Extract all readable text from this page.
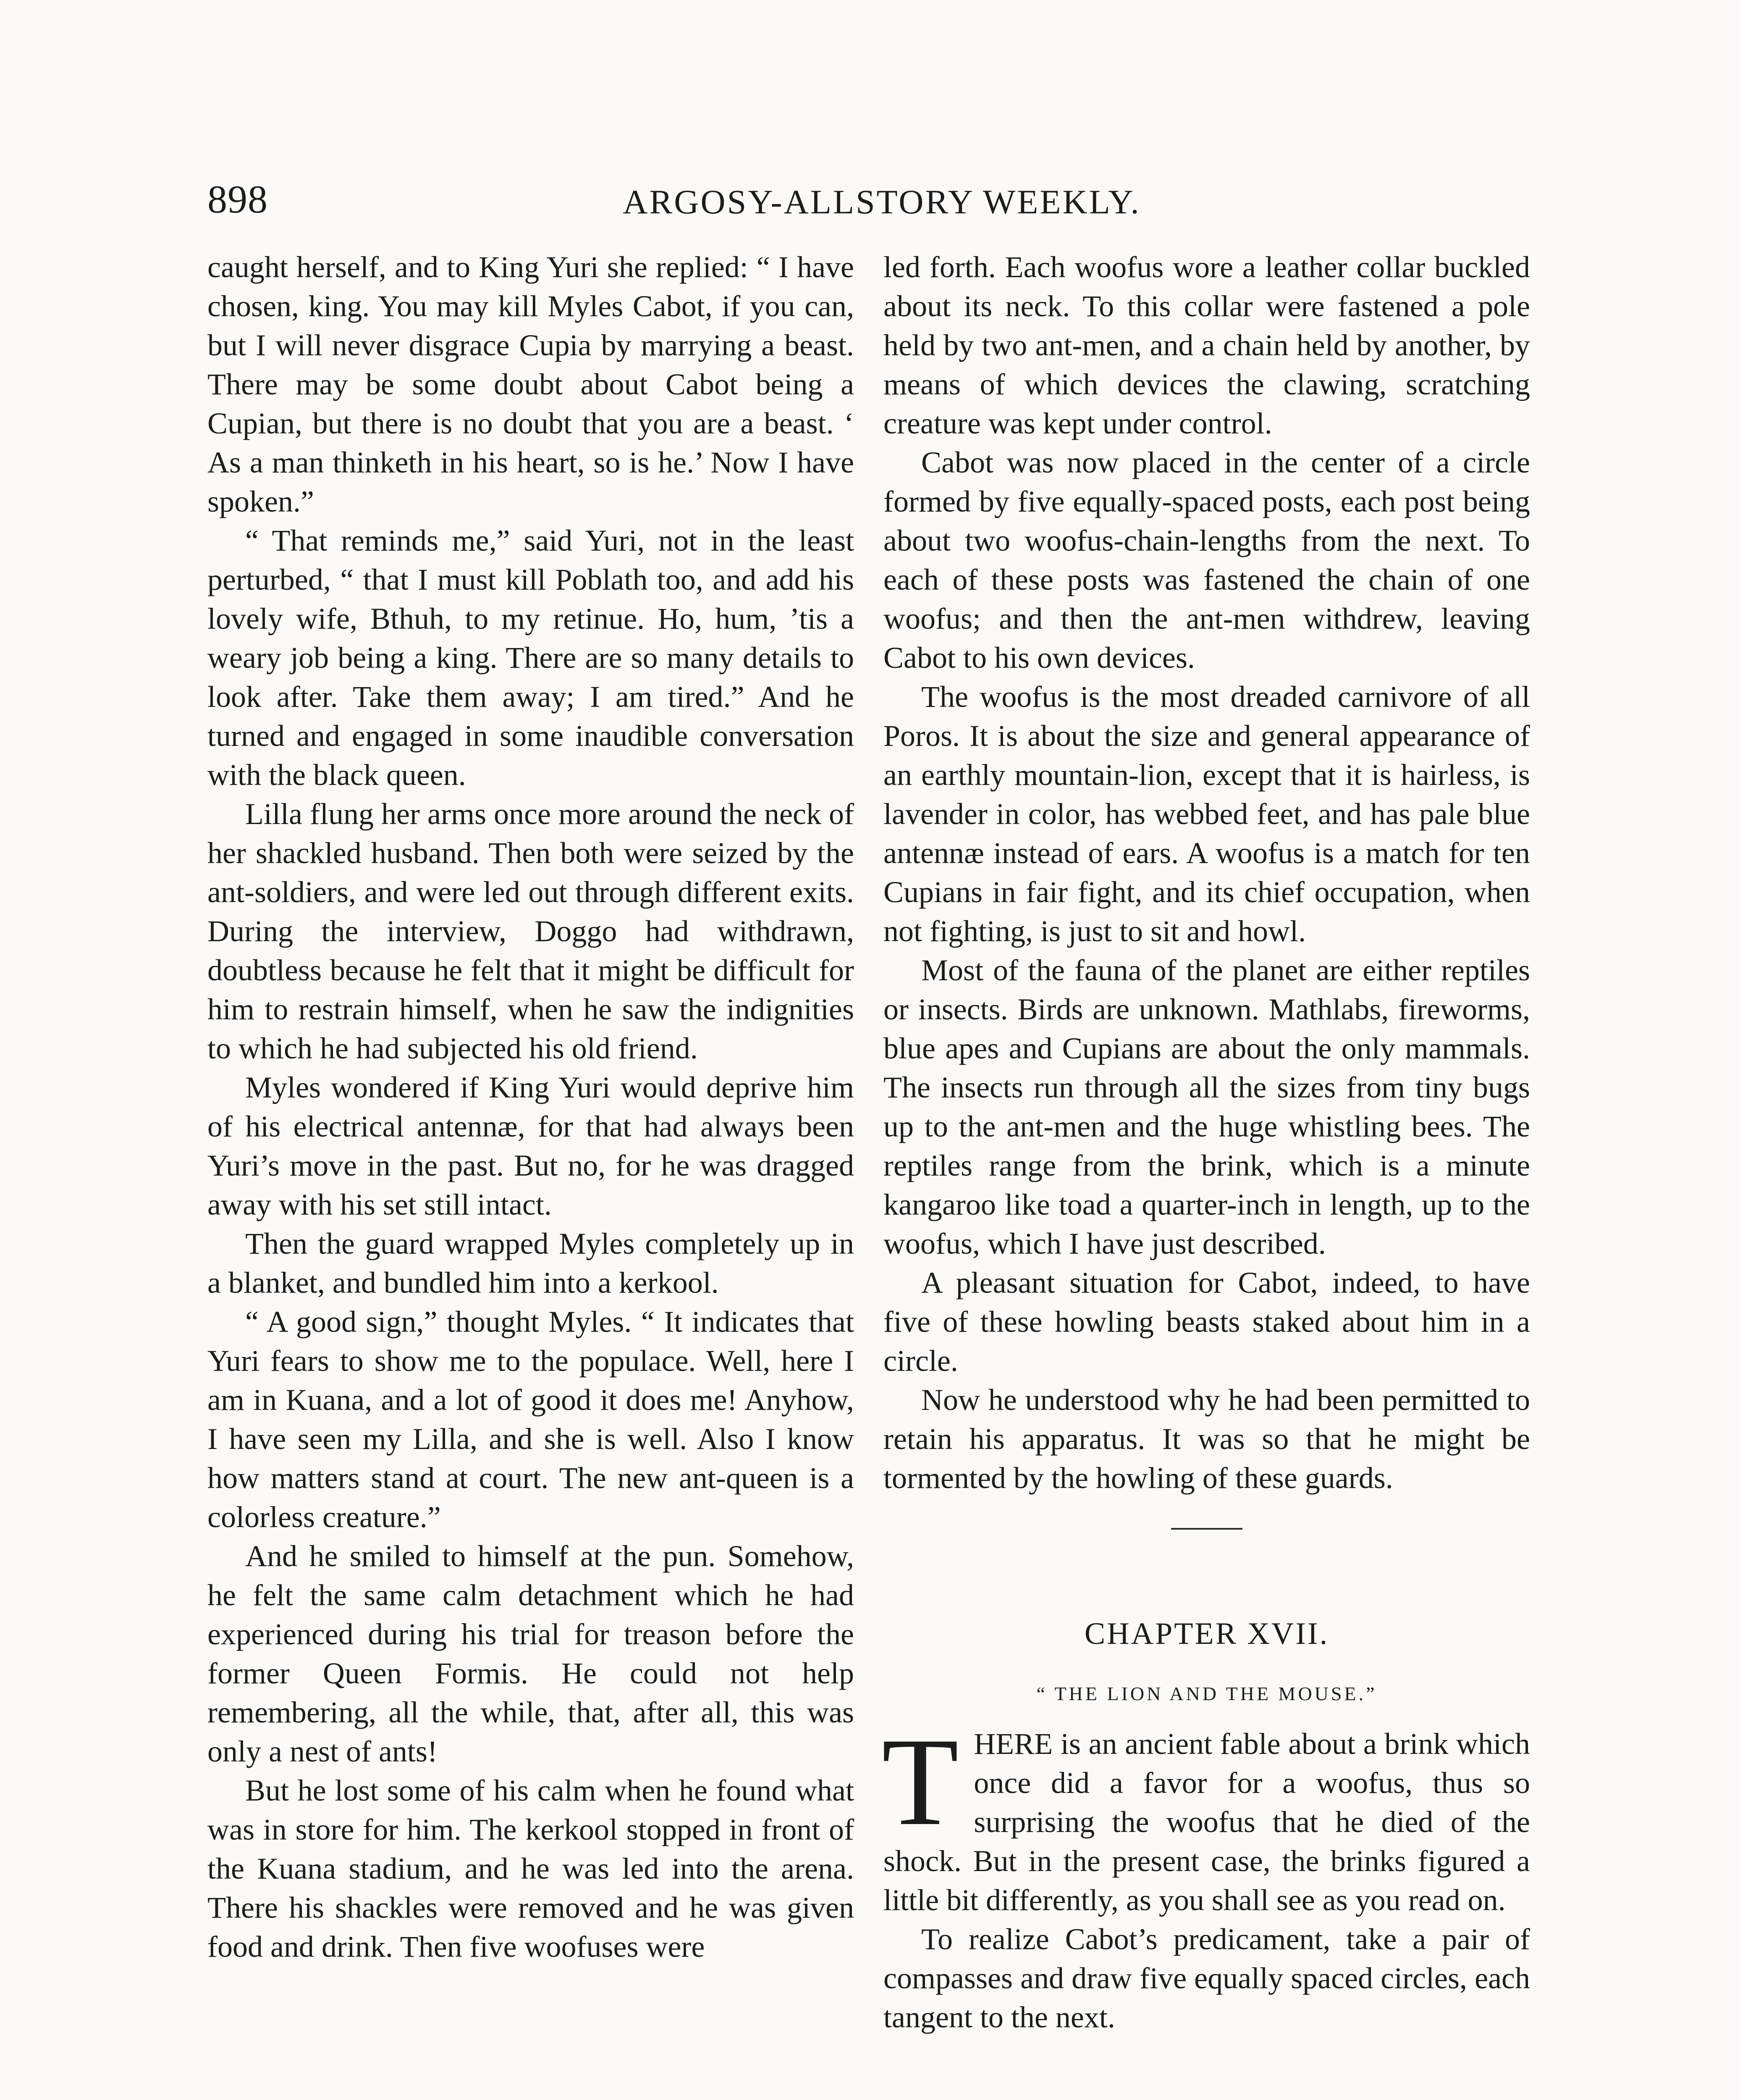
898	ARGOSY-ALLSTORY WEEKLY.

caught herself, and to King Yuri she replied: “ I have chosen, king. You may kill Myles Cabot, if you can, but I will never disgrace Cupia by marrying a beast. There may be some doubt about Cabot being a Cupian, but there is no doubt that you are a beast. ‘ As a man thinketh in his heart, so is he.’ Now I have spoken.”

“ That reminds me,” said Yuri, not in the least perturbed, “ that I must kill Poblath too, and add his lovely wife, Bthuh, to my retinue. Ho, hum, ’tis a weary job being a king. There are so many details to look after. Take them away; I am tired.” And he turned and engaged in some inaudible conversation with the black queen.

Lilla flung her arms once more around the neck of her shackled husband. Then both were seized by the ant-soldiers, and were led out through different exits. During the interview, Doggo had withdrawn, doubtless because he felt that it might be difficult for him to restrain himself, when he saw the indignities to which he had subjected his old friend.

Myles wondered if King Yuri would deprive him of his electrical antennæ, for that had always been Yuri’s move in the past. But no, for he was dragged away with his set still intact.

Then the guard wrapped Myles completely up in a blanket, and bundled him into a kerkool.

“ A good sign,” thought Myles. “ It indicates that Yuri fears to show me to the populace. Well, here I am in Kuana, and a lot of good it does me! Anyhow, I have seen my Lilla, and she is well. Also I know how matters stand at court. The new ant-queen is a colorless creature.”

And he smiled to himself at the pun. Somehow, he felt the same calm detachment which he had experienced during his trial for treason before the former Queen Formis. He could not help remembering, all the while, that, after all, this was only a nest of ants!

But he lost some of his calm when he found what was in store for him. The kerkool stopped in front of the Kuana stadium, and he was led into the arena. There his shackles were removed and he was given food and drink. Then five woofuses were

led forth. Each woofus wore a leather collar buckled about its neck. To this collar were fastened a pole held by two ant-men, and a chain held by another, by means of which devices the clawing, scratching creature was kept under control.

Cabot was now placed in the center of a circle formed by five equally-spaced posts, each post being about two woofus-chain-lengths from the next. To each of these posts was fastened the chain of one woofus; and then the ant-men withdrew, leaving Cabot to his own devices.

The woofus is the most dreaded carnivore of all Poros. It is about the size and general appearance of an earthly mountain-lion, except that it is hairless, is lavender in color, has webbed feet, and has pale blue antennæ instead of ears. A woofus is a match for ten Cupians in fair fight, and its chief occupation, when not fighting, is just to sit and howl.

Most of the fauna of the planet are either reptiles or insects. Birds are unknown. Mathlabs, fireworms, blue apes and Cupians are about the only mammals. The insects run through all the sizes from tiny bugs up to the ant-men and the huge whistling bees. The reptiles range from the brink, which is a minute kangaroo like toad a quarter-inch in length, up to the woofus, which I have just described.

A pleasant situation for Cabot, indeed, to have five of these howling beasts staked about him in a circle.

Now he understood why he had been permitted to retain his apparatus. It was so that he might be tormented by the howling of these guards.

CHAPTER XVII.
“ THE LION AND THE MOUSE.”

THERE is an ancient fable about a brink which once did a favor for a woofus, thus so surprising the woofus that he died of the shock. But in the present case, the brinks figured a little bit differently, as you shall see as you read on.

To realize Cabot’s predicament, take a pair of compasses and draw five equally spaced circles, each tangent to the next.
